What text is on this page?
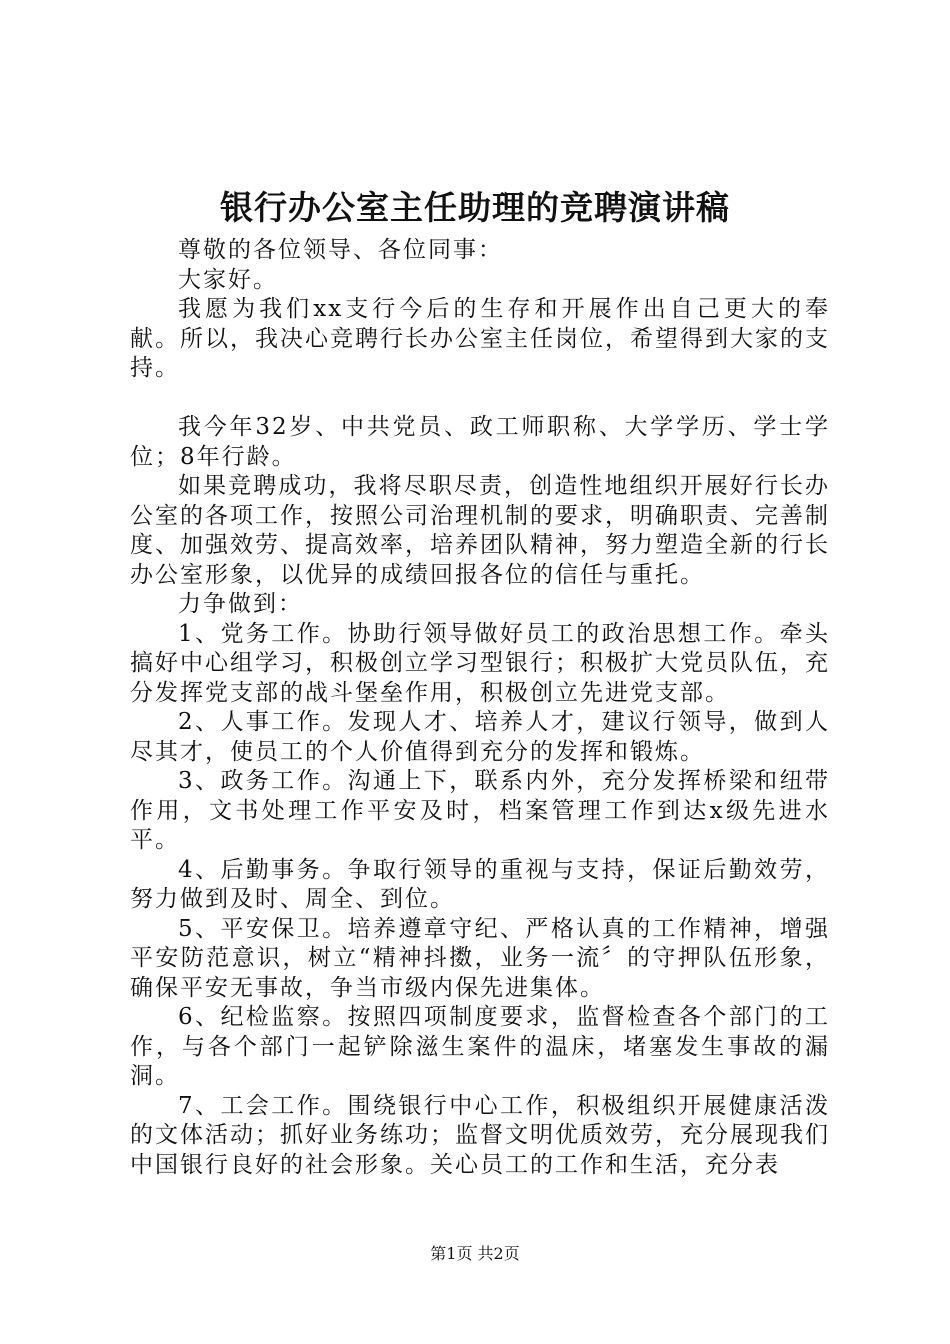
银行办公室主任助理的竞聘演讲稿

尊敬的各位领导、各位同事：

大家好。

我愿为我们xx支行今后的生存和开展作出自己更大的奉献。所以，我决心竞聘行长办公室主任岗位，希望得到大家的支持。

我今年32岁、中共党员、政工师职称、大学学历、学士学位；8年行龄。

如果竞聘成功，我将尽职尽责，创造性地组织开展好行长办公室的各项工作，按照公司治理机制的要求，明确职责、完善制度、加强效劳、提高效率，培养团队精神，努力塑造全新的行长办公室形象，以优异的成绩回报各位的信任与重托。

力争做到：

1、党务工作。协助行领导做好员工的政治思想工作。牵头搞好中心组学习，积极创立学习型银行；积极扩大党员队伍，充分发挥党支部的战斗堡垒作用，积极创立先进党支部。

2、人事工作。发现人才、培养人才，建议行领导，做到人尽其才，使员工的个人价值得到充分的发挥和锻炼。

3、政务工作。沟通上下，联系内外，充分发挥桥梁和纽带作用，文书处理工作平安及时，档案管理工作到达x级先进水平。

4、后勤事务。争取行领导的重视与支持，保证后勤效劳，努力做到及时、周全、到位。

5、平安保卫。培养遵章守纪、严格认真的工作精神，增强平安防范意识，树立“精神抖擞，业务一流〞的守押队伍形象，确保平安无事故，争当市级内保先进集体。

6、纪检监察。按照四项制度要求，监督检查各个部门的工作，与各个部门一起铲除滋生案件的温床，堵塞发生事故的漏洞。

7、工会工作。围绕银行中心工作，积极组织开展健康活泼的文体活动；抓好业务练功；监督文明优质效劳，充分展现我们中国银行良好的社会形象。关心员工的工作和生活，充分表

第1页 共2页
